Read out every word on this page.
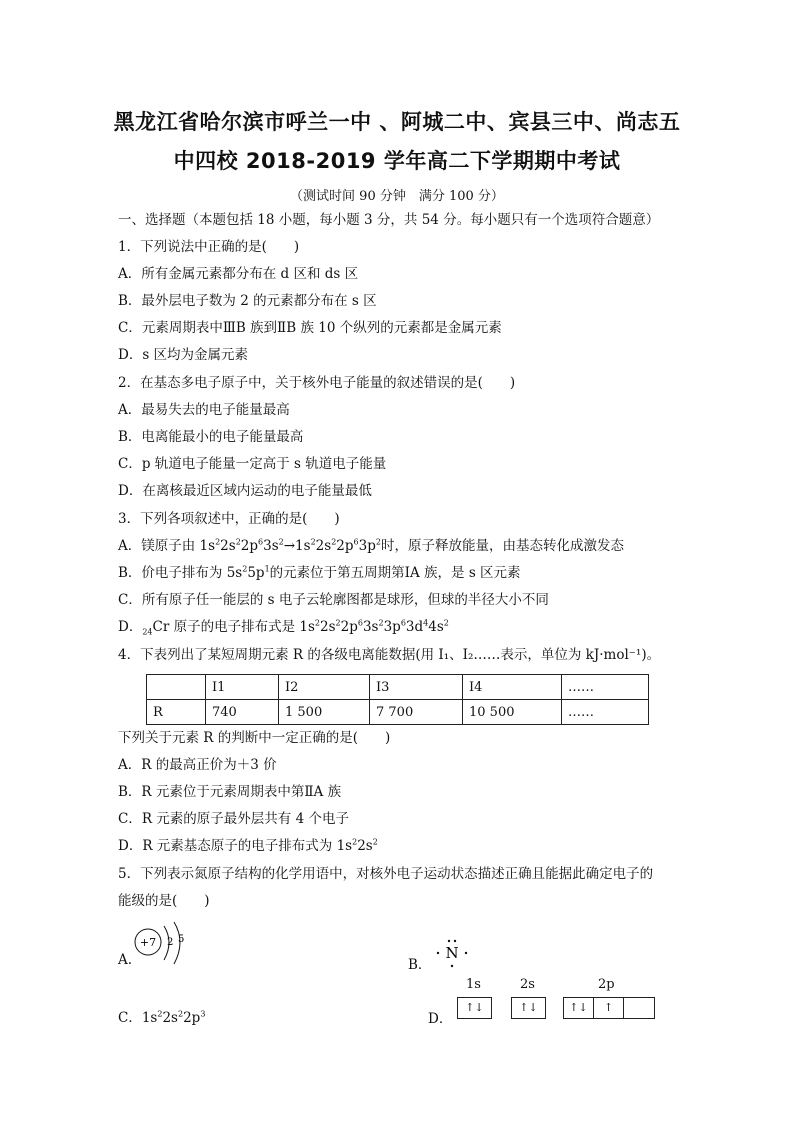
黑龙江省哈尔滨市呼兰一中 、阿城二中、宾县三中、尚志五
中四校 2018-2019 学年高二下学期期中考试
（测试时间 90 分钟　满分 100 分）
一、选择题（本题包括 18 小题，每小题 3 分，共 54 分。每小题只有一个选项符合题意）
1．下列说法中正确的是(　　)
A．所有金属元素都分布在 d 区和 ds 区
B．最外层电子数为 2 的元素都分布在 s 区
C．元素周期表中ⅢB 族到ⅡB 族 10 个纵列的元素都是金属元素
D．s 区均为金属元素
2．在基态多电子原子中，关于核外电子能量的叙述错误的是(　　)
A．最易失去的电子能量最高
B．电离能最小的电子能量最高
C．p 轨道电子能量一定高于 s 轨道电子能量
D．在离核最近区域内运动的电子能量最低
3．下列各项叙述中，正确的是(　　)
A．镁原子由 $1s^22s^22p^63s^2\to 1s^22s^22p^63p^2$时，原子释放能量，由基态转化成激发态
B．价电子排布为 $5s^25p^1$的元素位于第五周期第ⅠA 族，是 s 区元素
C．所有原子任一能层的 s 电子云轮廓图都是球形，但球的半径大小不同
D．$_{24}$Cr 原子的电子排布式是 $1s^22s^22p^63s^23p^63d^44s^2$
4．下表列出了某短周期元素 R 的各级电离能数据(用 I₁、I₂……表示，单位为 kJ·mol⁻¹)。
	I1	I2	I3	I4	……
R	740	1 500	7 700	10 500	……
下列关于元素 R 的判断中一定正确的是(　　)
A．R 的最高正价为＋3 价
B．R 元素位于元素周期表中第ⅡA 族
C．R 元素的原子最外层共有 4 个电子
D．R 元素基态原子的电子排布式为 $1s^22s^2$
5．下列表示氮原子结构的化学用语中，对核外电子运动状态描述正确且能据此确定电子的
能级的是(　　)
A.
+7 2 5
B．
N
C．$1s^22s^22p^3$	D．
1s	2s	2p
↑↓	↑↓	↑↓	↑
